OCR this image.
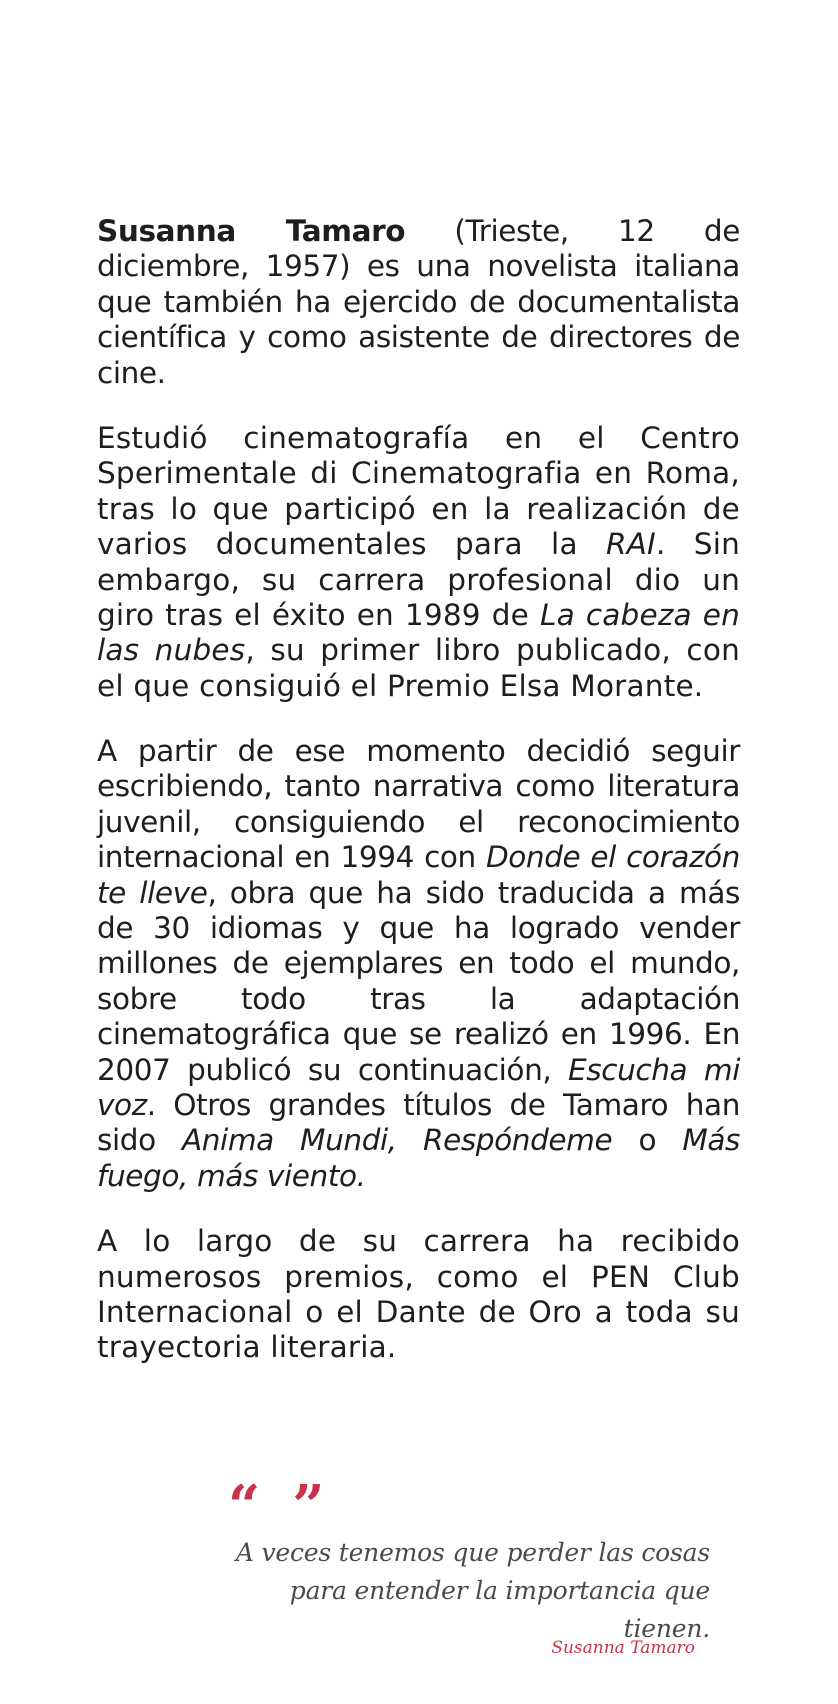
Susanna Tamaro (Trieste, 12 de diciembre, 1957) es una novelista italiana que también ha ejercido de documentalista científica y como asistente de directores de cine.

Estudió cinematografía en el Centro Sperimentale di Cinematografia en Roma, tras lo que participó en la realización de varios documentales para la RAI. Sin embargo, su carrera profesional dio un giro tras el éxito en 1989 de La cabeza en las nubes, su primer libro publicado, con el que consiguió el Premio Elsa Morante.

A partir de ese momento decidió seguir escribiendo, tanto narrativa como literatura juvenil, consiguiendo el reconocimiento internacional en 1994 con Donde el corazón te lleve, obra que ha sido traducida a más de 30 idiomas y que ha logrado vender millones de ejemplares en todo el mundo, sobre todo tras la adaptación cinematográfica que se realizó en 1996. En 2007 publicó su continuación, Escucha mi voz. Otros grandes títulos de Tamaro han sido Anima Mundi, Respóndeme o Más fuego, más viento.

A lo largo de su carrera ha recibido numerosos premios, como el PEN Club Internacional o el Dante de Oro a toda su trayectoria literaria.

“ ”
A veces tenemos que perder las cosas
para entender la importancia que tienen.
Susanna Tamaro
